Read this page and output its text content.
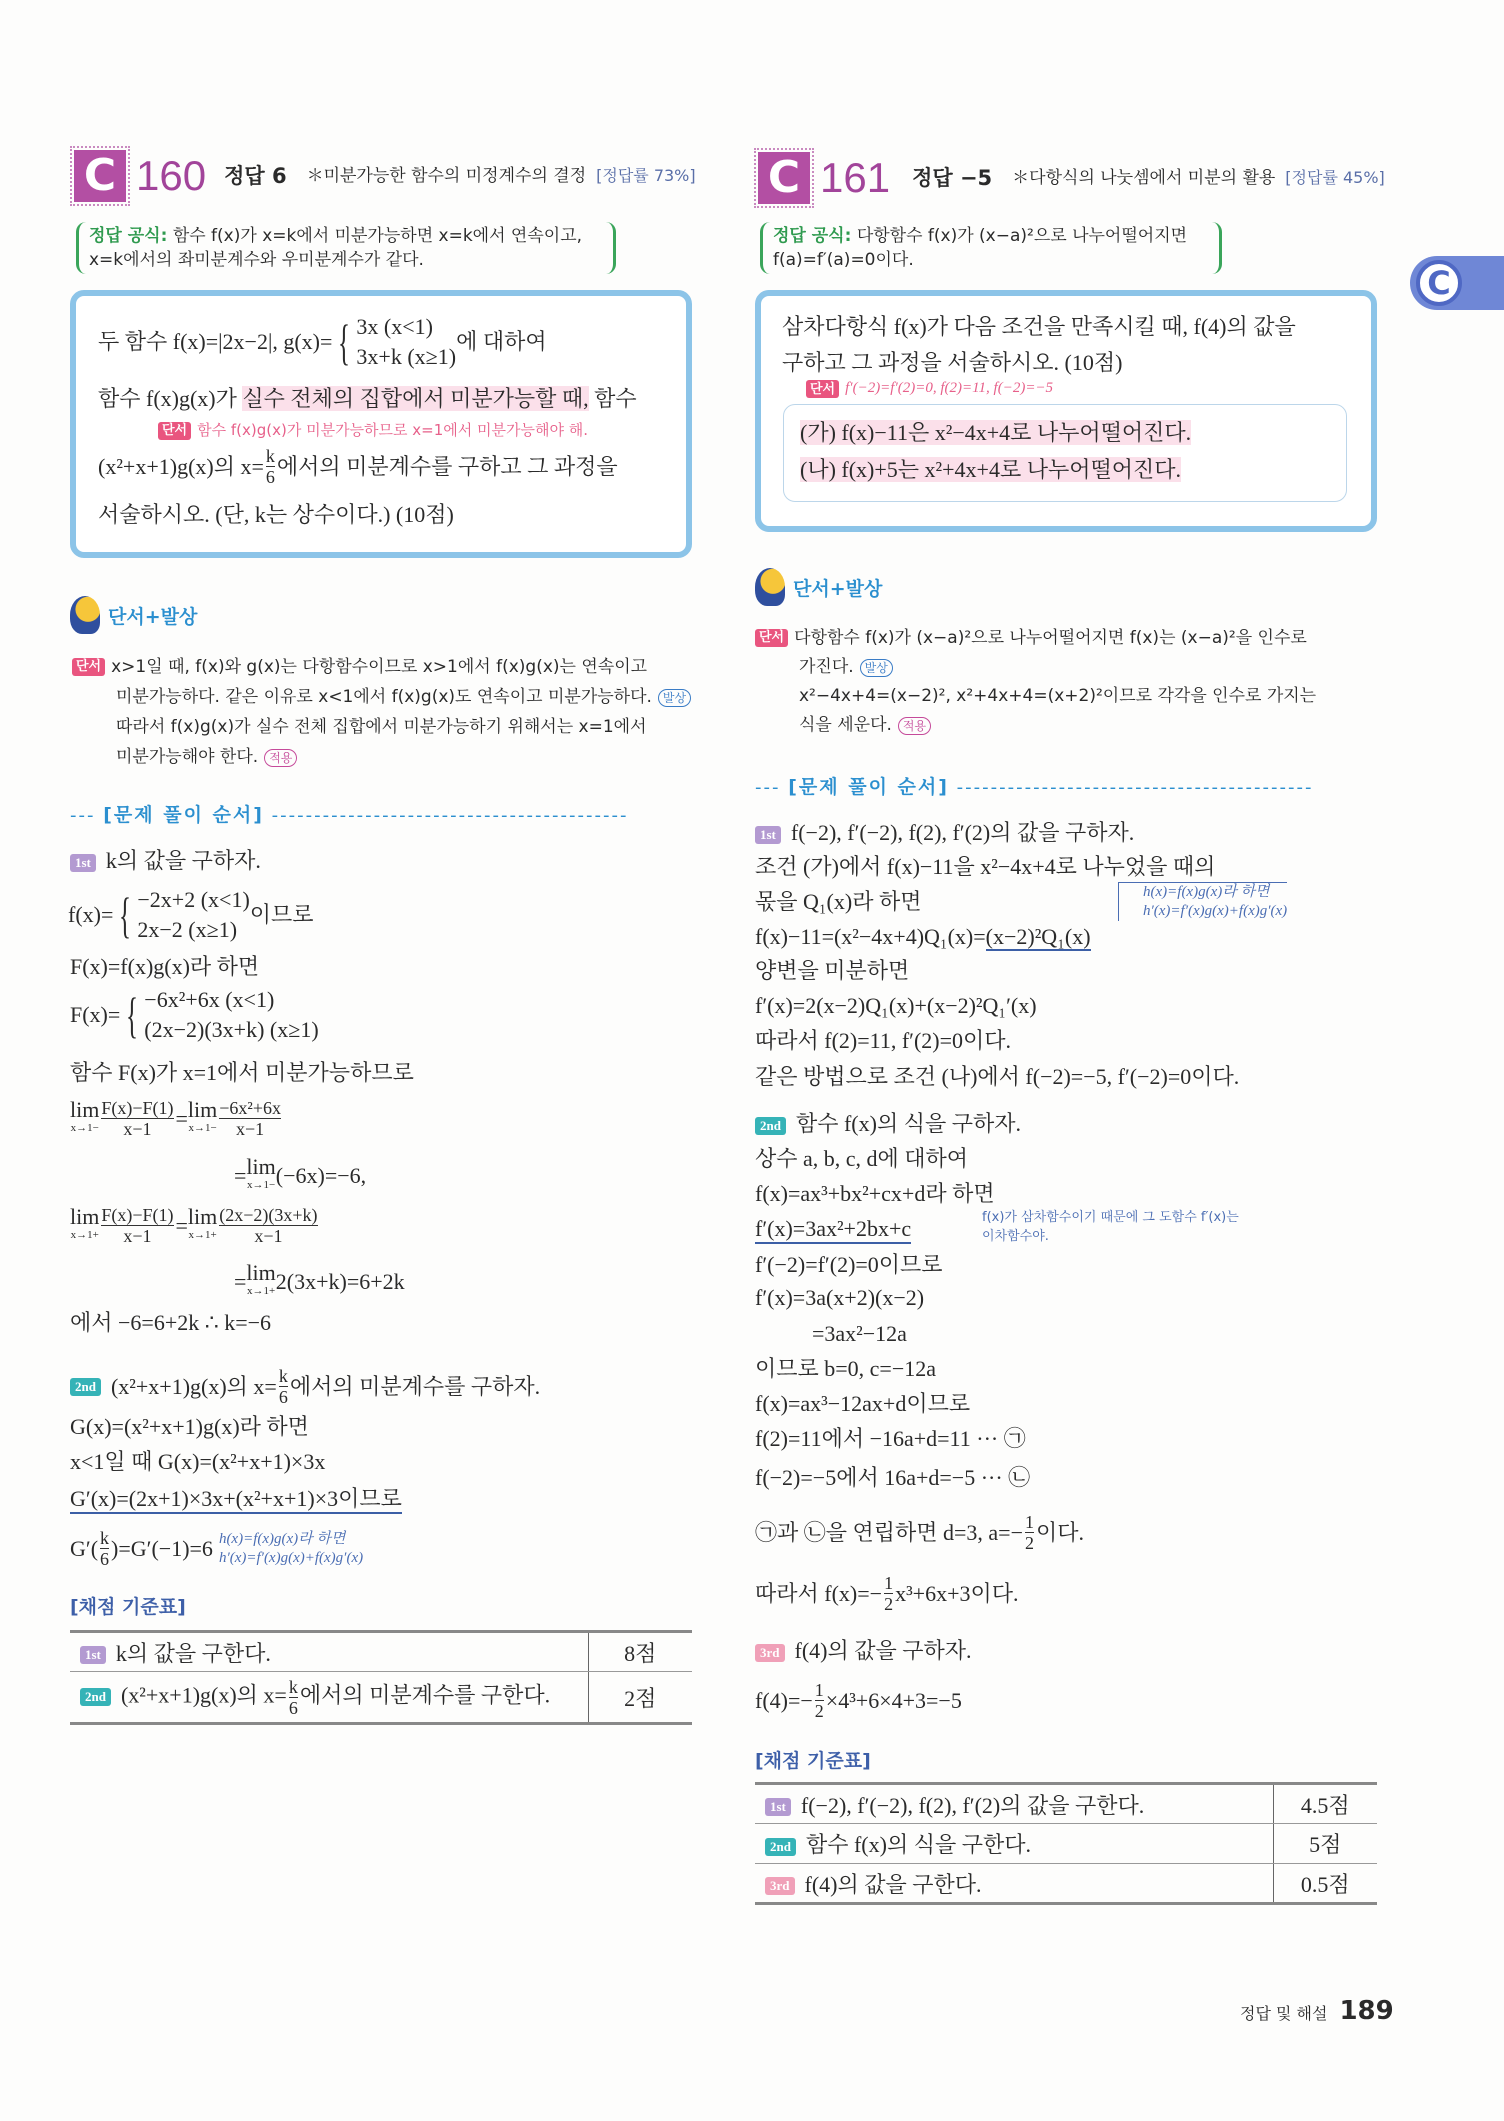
C
C 160 정답 6 ＊미분가능한 함수의 미정계수의 결정 [정답률 73%]
정답 공식: 함수 f(x)가 x=k에서 미분가능하면 x=k에서 연속이고,
x=k에서의 좌미분계수와 우미분계수가 같다.
두 함수 f(x)=|2x−2|, g(x)= { 3x (x<1)
3x+k (x≥1)
에 대하여
함수 f(x)g(x)가 실수 전체의 집합에서 미분가능할 때, 함수
단서 함수 f(x)g(x)가 미분가능하므로 x=1에서 미분가능해야 해.
(x²+x+1)g(x)의 $x= \frac{k}{6}$ 에서의 미분계수를 구하고 그 과정을
서술하시오. (단, k는 상수이다.) (10점)
단서+발상
단서 x>1일 때, f(x)와 g(x)는 다항함수이므로 x>1에서 f(x)g(x)는 연속이고
미분가능하다. 같은 이유로 x<1에서 f(x)g(x)도 연속이고 미분가능하다. 발상
따라서 f(x)g(x)가 실수 전체 집합에서 미분가능하기 위해서는 x=1에서
미분가능해야 한다. 적용
--- [문제 풀이 순서] ------------------------------------------
1st k의 값을 구하자.
f(x)= { −2x+2 (x<1)
2x−2 (x≥1)
이므로
F(x)=f(x)g(x)라 하면
F(x)= { −6x²+6x (x<1)
(2x−2)(3x+k) (x≥1)
함수 F(x)가 x=1에서 미분가능하므로
lim
$x\to 1- \frac{F(x)-F(1)}{x-1} = \lim$
$x\to 1- \frac{\text{−6x²+6x}}{x-1}$
= lim
x→1− (−6x)=−6,
lim
$x\to 1+ \frac{F(x)-F(1)}{x-1} = \lim$
$x\to 1+ \frac{(2x-2)(3x+k)}{x-1}$
= lim
x→1+ 2(3x+k)=6+2k
에서 −6=6+2k ∴ k=−6
2nd (x²+x+1)g(x)의 $x= \frac{k}{6}$ 에서의 미분계수를 구하자.
G(x)=(x²+x+1)g(x)라 하면
x<1일 때 G(x)=(x²+x+1)×3x
G′(x)=(2x+1)×3x+(x²+x+1)×3이므로
$G'( \frac{k}{6} )=G'(-1)=6$ h(x)=f(x)g(x)라 하면
h′(x)=f′(x)g(x)+f(x)g′(x)
[채점 기준표]
1st k의 값을 구한다.	8점
2nd (x²+x+1)g(x)의 $x= \frac{k}{6}$ 에서의 미분계수를 구한다.	2점
C 161 정답 −5 ＊다항식의 나눗셈에서 미분의 활용 [정답률 45%]
정답 공식: 다항함수 f(x)가 (x−a)²으로 나누어떨어지면
f(a)=f′(a)=0이다.
삼차다항식 f(x)가 다음 조건을 만족시킬 때, f(4)의 값을
구하고 그 과정을 서술하시오. (10점)
단서 f′(−2)=f′(2)=0, f(2)=11, f(−2)=−5
(가) f(x)−11은 x²−4x+4로 나누어떨어진다.
(나) f(x)+5는 x²+4x+4로 나누어떨어진다.
단서+발상
단서 다항함수 f(x)가 (x−a)²으로 나누어떨어지면 f(x)는 (x−a)²을 인수로
가진다. 발상
x²−4x+4=(x−2)², x²+4x+4=(x+2)²이므로 각각을 인수로 가지는
식을 세운다. 적용
--- [문제 풀이 순서] ------------------------------------------
1st f(−2), f′(−2), f(2), f′(2)의 값을 구하자.
조건 (가)에서 f(x)−11을 x²−4x+4로 나누었을 때의
몫을 Q₁(x)라 하면	h(x)=f(x)g(x)라 하면
h′(x)=f′(x)g(x)+f(x)g′(x)
f(x)−11=(x²−4x+4)Q₁(x)=(x−2)²Q₁(x)
양변을 미분하면
f′(x)=2(x−2)Q₁(x)+(x−2)²Q₁′(x)
따라서 f(2)=11, f′(2)=0이다.
같은 방법으로 조건 (나)에서 f(−2)=−5, f′(−2)=0이다.
2nd 함수 f(x)의 식을 구하자.
상수 a, b, c, d에 대하여
f(x)=ax³+bx²+cx+d라 하면
f′(x)=3ax²+2bx+c	f(x)가 삼차함수이기 때문에 그 도함수 f′(x)는
이차함수야.
f′(−2)=f′(2)=0이므로
f′(x)=3a(x+2)(x−2)
=3ax²−12a
이므로 b=0, c=−12a
f(x)=ax³−12ax+d이므로
f(2)=11에서 −16a+d=11 ··· ㉠
f(−2)=−5에서 16a+d=−5 ··· ㉡
㉠과 ㉡을 연립하면 d=3, $a=- \frac{1}{2}$ 이다.
따라서 $f(x)=- \frac{1}{2} x^3+6x+3$이다.
3rd f(4)의 값을 구하자.
$f(4)=- \frac{1}{2} \times 4^3+6\times 4+3=-5$
[채점 기준표]
1st f(−2), f′(−2), f(2), f′(2)의 값을 구한다.	4.5점
2nd 함수 f(x)의 식을 구한다.	5점
3rd f(4)의 값을 구한다.	0.5점
정답 및 해설 189
